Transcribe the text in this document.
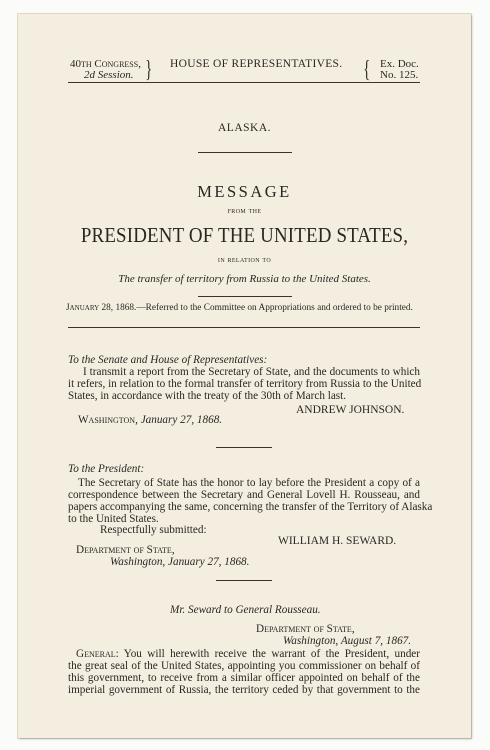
40th Congress,
2d Session. } HOUSE OF REPRESENTATIVES. { Ex. Doc.
No. 125.
ALASKA.
MESSAGE
from the
PRESIDENT OF THE UNITED STATES,
in relation to
The transfer of territory from Russia to the United States.
January 28, 1868.—Referred to the Committee on Appropriations and ordered to be printed.
To the Senate and House of Representatives:

I transmit a report from the Secretary of State, and the documents to which

it refers, in relation to the formal transfer of territory from Russia to the United

States, in accordance with the treaty of the 30th of March last.

ANDREW JOHNSON.
Washington, January 27, 1868.
To the President:

The Secretary of State has the honor to lay before the President a copy of a

correspondence between the Secretary and General Lovell H. Rousseau, and

papers accompanying the same, concerning the transfer of the Territory of Alaska

to the United States.

Respectfully submitted:
WILLIAM H. SEWARD.
Department of State,
Washington, January 27, 1868.
Mr. Seward to General Rousseau.
Department of State,
Washington, August 7, 1867.
General: You will herewith receive the warrant of the President, under

the great seal of the United States, appointing you commissioner on behalf of

this government, to receive from a similar officer appointed on behalf of the

imperial government of Russia, the territory ceded by that government to the
